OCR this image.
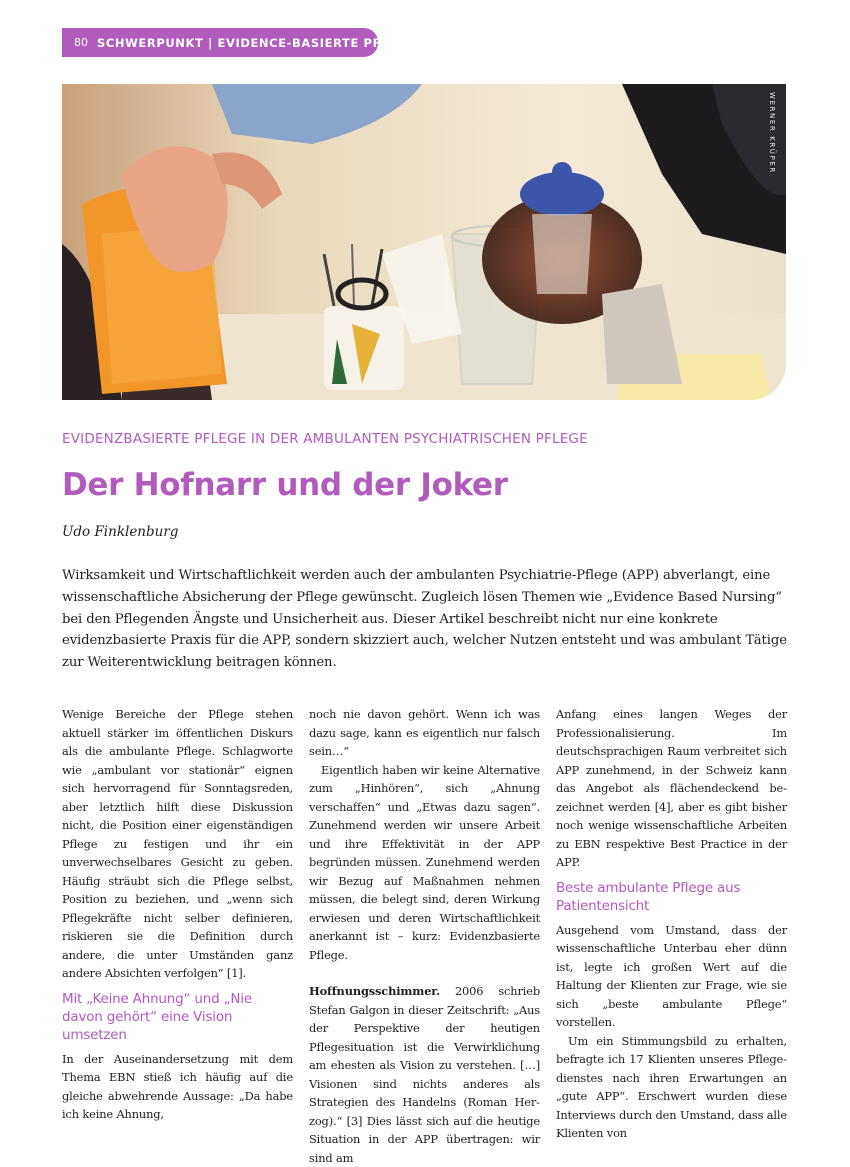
80 SCHWERPUNKT | EVIDENCE-BASIERTE PFLEGE
WERNER KRÜPER
EVIDENZBASIERTE PFLEGE IN DER AMBULANTEN PSYCHIATRISCHEN PFLEGE
Der Hofnarr und der Joker
Udo Finklenburg

Wirksamkeit und Wirtschaftlichkeit werden auch der ambulanten Psychiatrie-Pflege (APP) abverlangt, eine wissenschaftliche Absicherung der Pflege gewünscht. Zugleich lösen Themen wie „Evidence Based Nursing“ bei den Pflegenden Ängste und Unsicherheit aus. Dieser Artikel beschreibt nicht nur eine konkrete evidenzbasierte Praxis für die APP, sondern skizziert auch, welcher Nutzen entsteht und was ambulant Tätige zur Weiterentwicklung beitragen können.

Wenige Bereiche der Pflege stehen aktuell stärker im öffentlichen Diskurs als die ambulante Pflege. Schlagworte wie „ambulant vor stationär“ eignen sich hervorragend für Sonntagsreden, aber letztlich hilft diese Diskussion nicht, die Position einer eigenständigen Pflege zu festigen und ihr ein unverwechselbares Gesicht zu geben. Häufig sträubt sich die Pflege selbst, Position zu beziehen, und „wenn sich Pflegekräfte nicht selber definieren, riskieren sie die Definition durch andere, die unter Umständen ganz andere Absichten verfolgen“ [1].

Mit „Keine Ahnung“ und „Nie davon gehört“ eine Vision umsetzen

In der Auseinandersetzung mit dem Thema EBN stieß ich häufig auf die gleiche abwehrende Aussage: „Da habe ich keine Ahnung,

noch nie davon gehört. Wenn ich was dazu sage, kann es eigentlich nur falsch sein…“

Eigentlich haben wir keine Alternative zum „Hinhören“, sich „Ahnung verschaffen“ und „Etwas dazu sagen“. Zunehmend werden wir unsere Arbeit und ihre Effektivität in der APP begründen müssen. Zunehmend werden wir Bezug auf Maßnahmen nehmen müssen, die belegt sind, deren Wirkung erwiesen und deren Wirtschaftlichkeit anerkannt ist – kurz: Evidenzbasierte Pflege.

Hoffnungsschimmer. 2006 schrieb Stefan Galgon in dieser Zeitschrift: „Aus der Perspektive der heutigen Pflegesituation ist die Verwirklichung am ehesten als Vision zu verstehen. […] Visionen sind nichts anderes als Strategien des Handelns (Roman Herzog).“ [3] Dies lässt sich auf die heutige Situation in der APP übertragen: wir sind am

Anfang eines langen Weges der Professionalisierung. Im deutschsprachigen Raum verbreitet sich APP zunehmend, in der Schweiz kann das Angebot als flächendeckend bezeichnet werden [4], aber es gibt bisher noch wenige wissenschaftliche Arbeiten zu EBN respektive Best Practice in der APP.

Beste ambulante Pflege aus Patientensicht

Ausgehend vom Umstand, dass der wissenschaftliche Unterbau eher dünn ist, legte ich großen Wert auf die Haltung der Klienten zur Frage, wie sie sich „beste ambulante Pflege“ vorstellen.

Um ein Stimmungsbild zu erhalten, befragte ich 17 Klienten unseres Pflegedienstes nach ihren Erwartungen an „gute APP“. Erschwert wurden diese Interviews durch den Umstand, dass alle Klienten von
